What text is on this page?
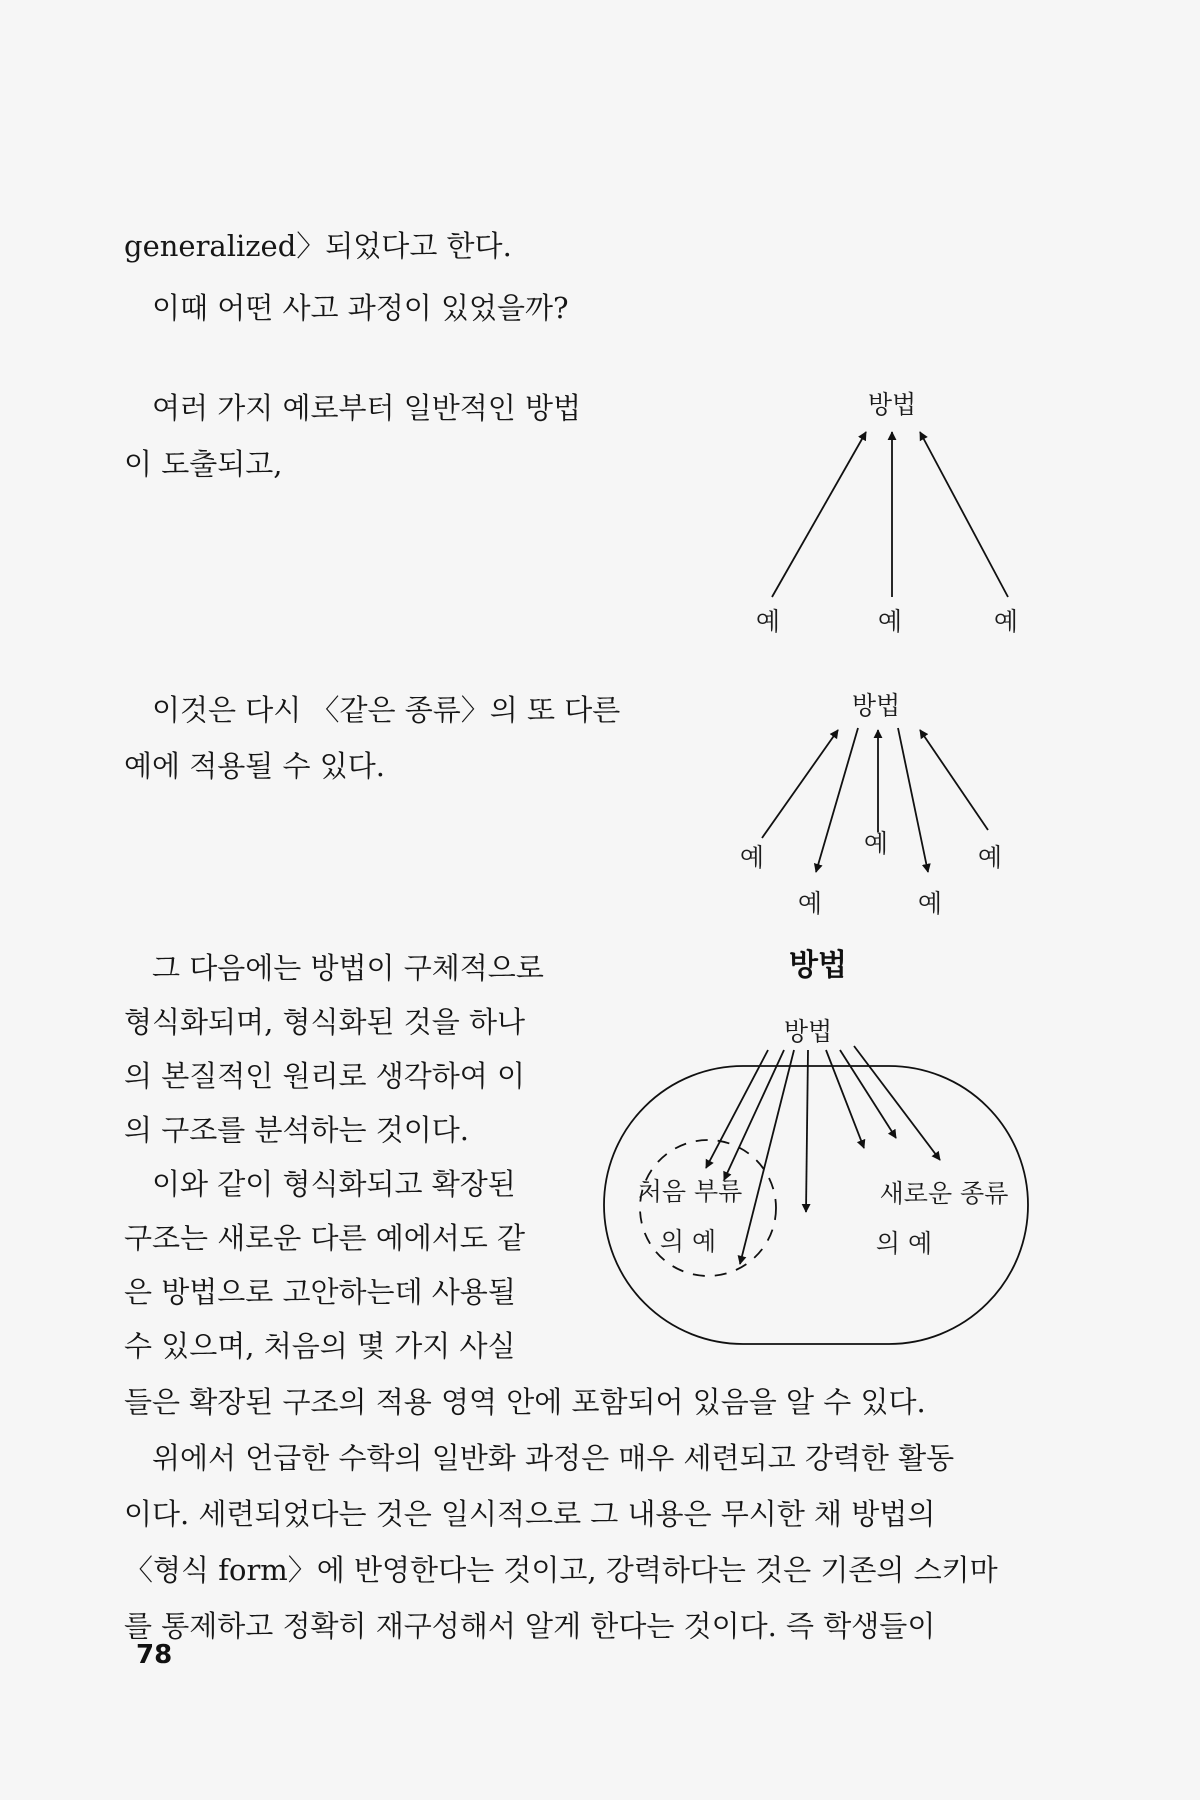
generalized〉되었다고 한다.

이때 어떤 사고 과정이 있었을까?

여러 가지 예로부터 일반적인 방법

이 도출되고,

이것은 다시 〈같은 종류〉의 또 다른

예에 적용될 수 있다.

그 다음에는 방법이 구체적으로

형식화되며, 형식화된 것을 하나

의 본질적인 원리로 생각하여 이

의 구조를 분석하는 것이다.

이와 같이 형식화되고 확장된

구조는 새로운 다른 예에서도 같

은 방법으로 고안하는데 사용될

수 있으며, 처음의 몇 가지 사실

들은 확장된 구조의 적용 영역 안에 포함되어 있음을 알 수 있다.

위에서 언급한 수학의 일반화 과정은 매우 세련되고 강력한 활동

이다. 세련되었다는 것은 일시적으로 그 내용은 무시한 채 방법의

〈형식 form〉에 반영한다는 것이고, 강력하다는 것은 기존의 스키마

를 통제하고 정확히 재구성해서 알게 한다는 것이다. 즉 학생들이

방법
예	예	예
방법
예	예	예
예	예
방법
방법
처음 부류
의 예
새로운 종류
의 예
78
